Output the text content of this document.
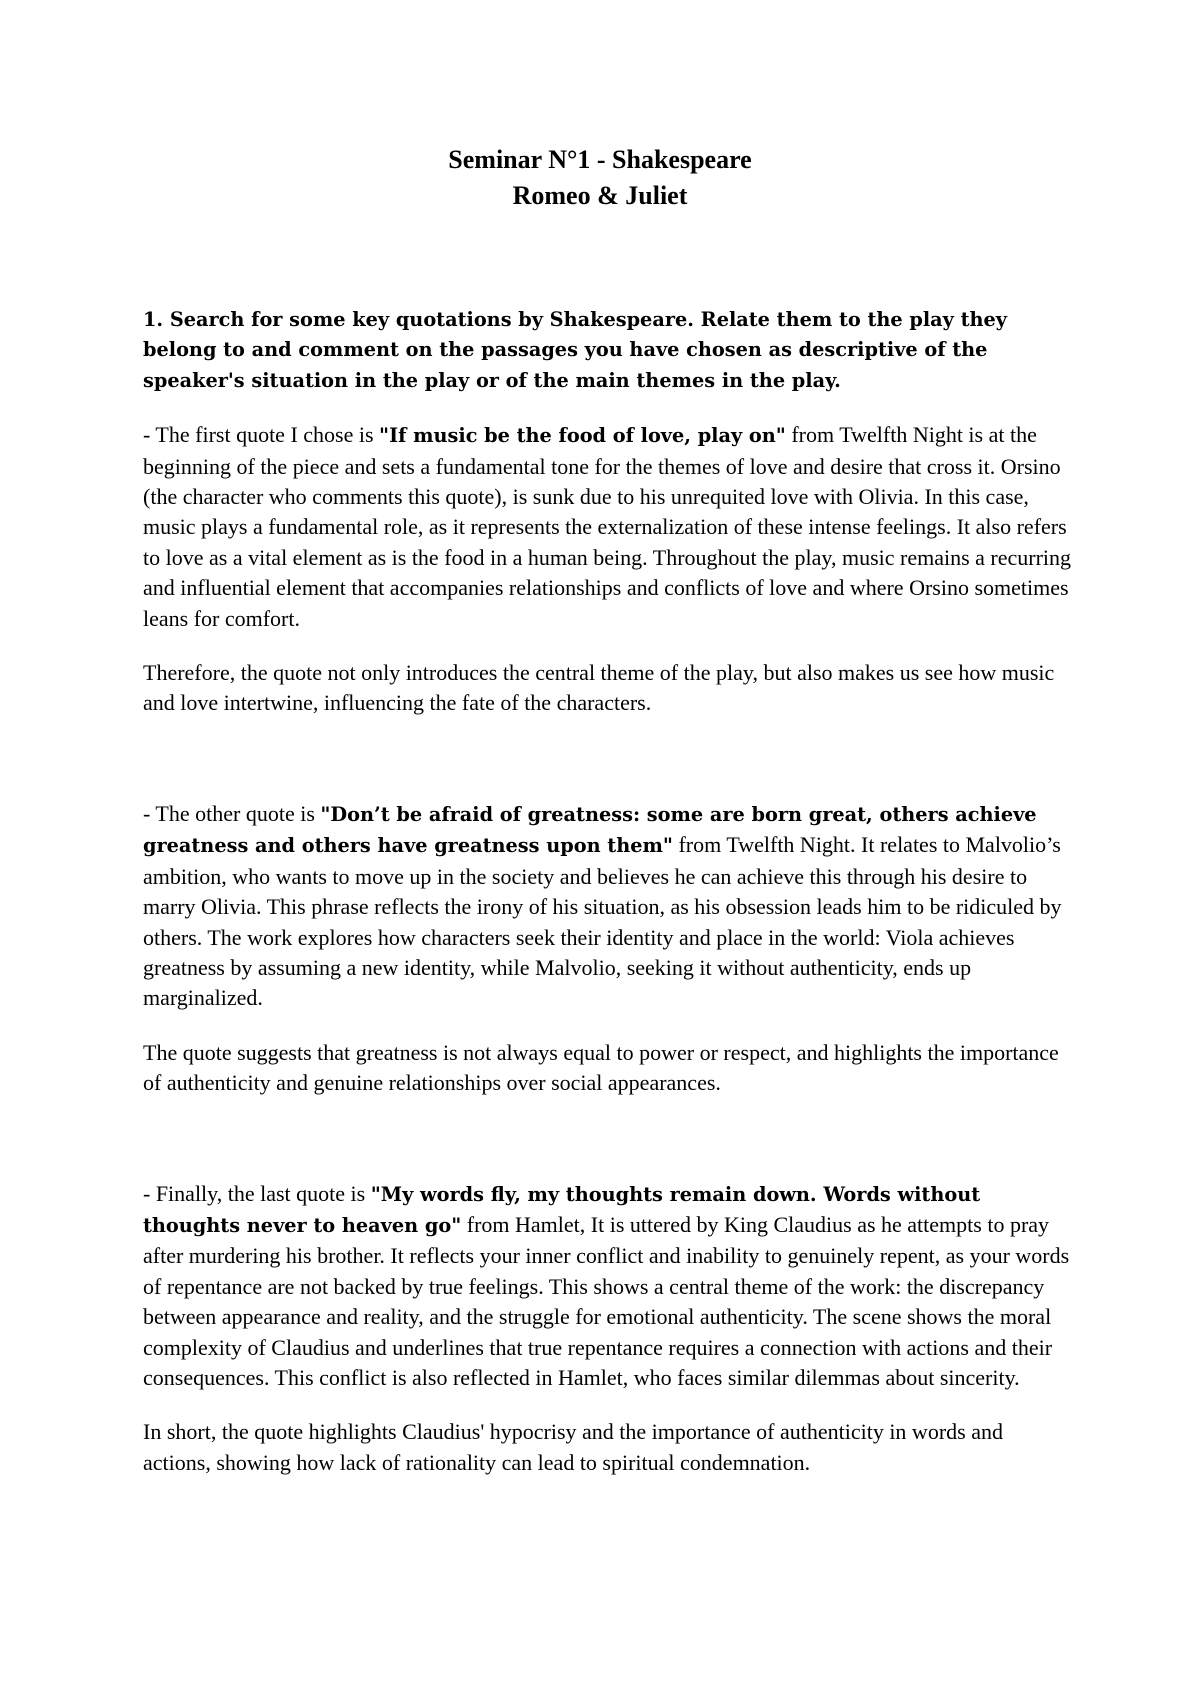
Seminar N°1 - Shakespeare
Romeo & Juliet

1. Search for some key quotations by Shakespeare. Relate them to the play they belong to and comment on the passages you have chosen as descriptive of the speaker's situation in the play or of the main themes in the play.

- The first quote I chose is "If music be the food of love, play on" from Twelfth Night is at the beginning of the piece and sets a fundamental tone for the themes of love and desire that cross it. Orsino (the character who comments this quote), is sunk due to his unrequited love with Olivia. In this case, music plays a fundamental role, as it represents the externalization of these intense feelings. It also refers to love as a vital element as is the food in a human being. Throughout the play, music remains a recurring and influential element that accompanies relationships and conflicts of love and where Orsino sometimes leans for comfort.

Therefore, the quote not only introduces the central theme of the play, but also makes us see how music and love intertwine, influencing the fate of the characters.

- The other quote is "Don’t be afraid of greatness: some are born great, others achieve greatness and others have greatness upon them" from Twelfth Night. It relates to Malvolio’s ambition, who wants to move up in the society and believes he can achieve this through his desire to marry Olivia. This phrase reflects the irony of his situation, as his obsession leads him to be ridiculed by others. The work explores how characters seek their identity and place in the world: Viola achieves greatness by assuming a new identity, while Malvolio, seeking it without authenticity, ends up marginalized.

The quote suggests that greatness is not always equal to power or respect, and highlights the importance of authenticity and genuine relationships over social appearances.

- Finally, the last quote is "My words fly, my thoughts remain down. Words without thoughts never to heaven go" from Hamlet, It is uttered by King Claudius as he attempts to pray after murdering his brother. It reflects your inner conflict and inability to genuinely repent, as your words of repentance are not backed by true feelings. This shows a central theme of the work: the discrepancy between appearance and reality, and the struggle for emotional authenticity. The scene shows the moral complexity of Claudius and underlines that true repentance requires a connection with actions and their consequences. This conflict is also reflected in Hamlet, who faces similar dilemmas about sincerity.

In short, the quote highlights Claudius' hypocrisy and the importance of authenticity in words and actions, showing how lack of rationality can lead to spiritual condemnation.
